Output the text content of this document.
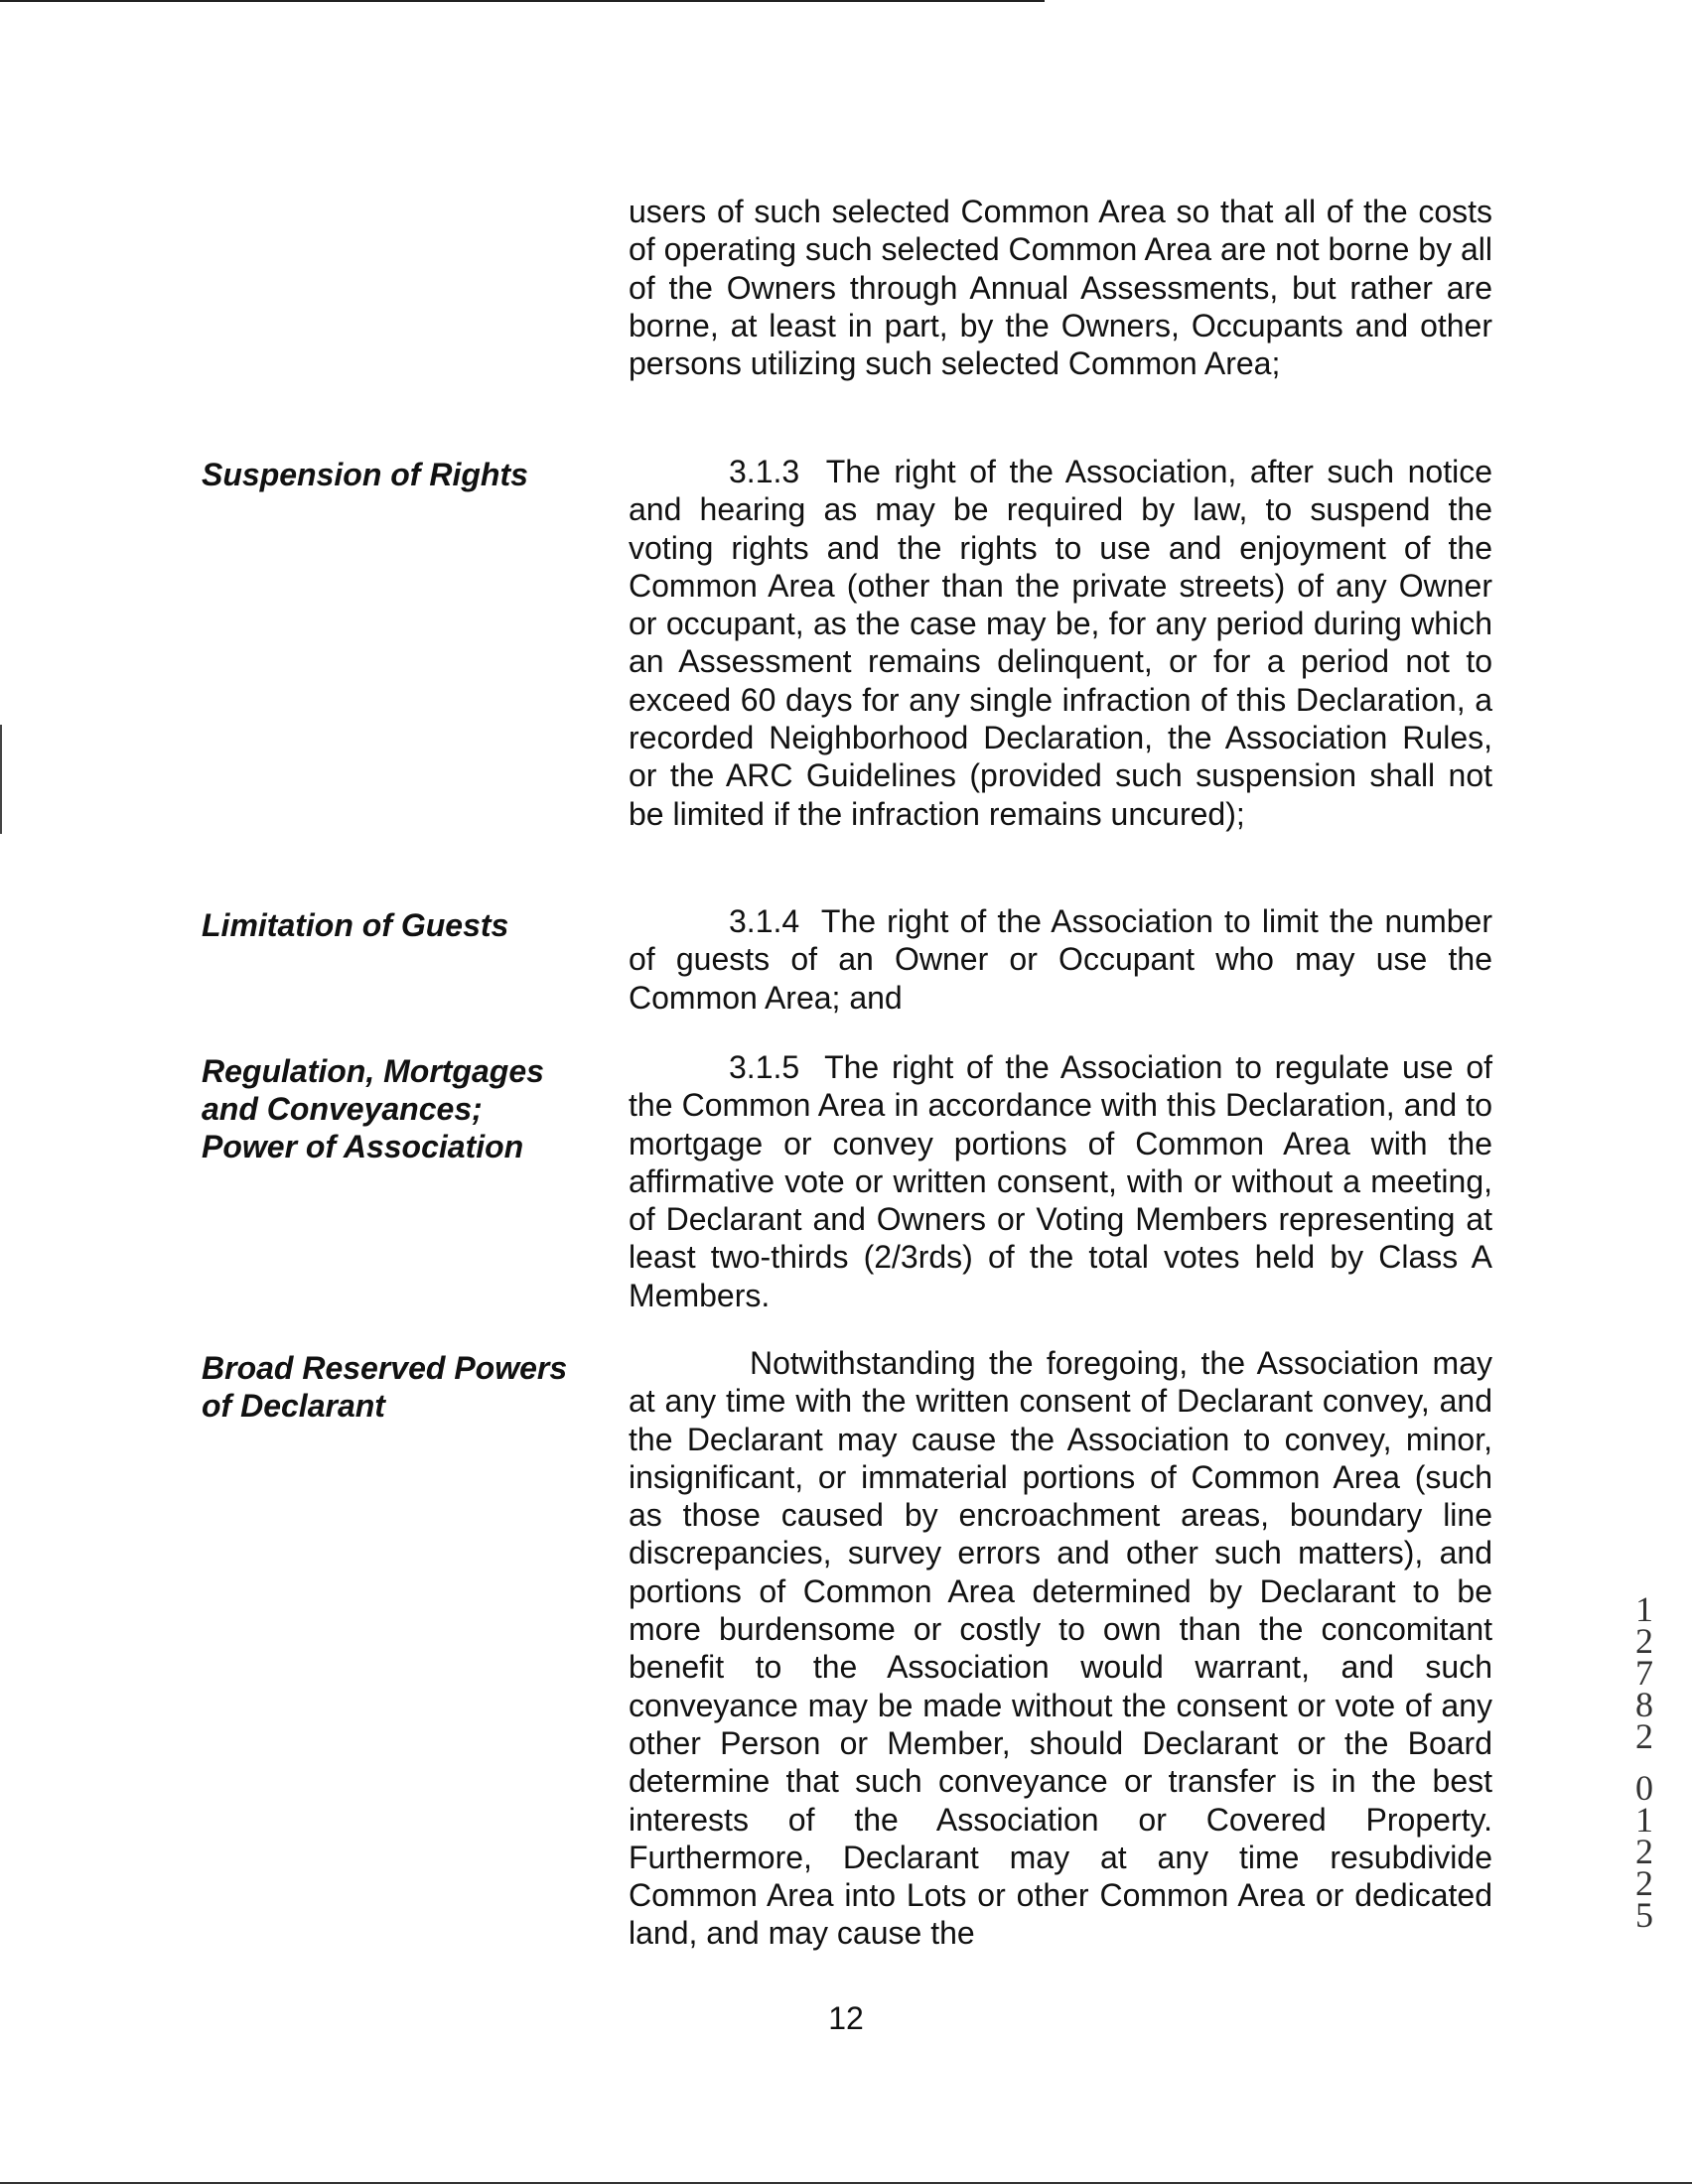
users of such selected Common Area so that all of the costs of operating such selected Common Area are not borne by all of the Owners through Annual Assessments, but rather are borne, at least in part, by the Owners, Occupants and other persons utilizing such selected Common Area;
Suspension of Rights	3.1.3 The right of the Association, after such notice and hearing as may be required by law, to suspend the voting rights and the rights to use and enjoyment of the Common Area (other than the private streets) of any Owner or occupant, as the case may be, for any period during which an Assessment remains delinquent, or for a period not to exceed 60 days for any single infraction of this Declaration, a recorded Neighborhood Declaration, the Association Rules, or the ARC Guidelines (provided such suspension shall not be limited if the infraction remains uncured);
Limitation of Guests	3.1.4 The right of the Association to limit the number of guests of an Owner or Occupant who may use the Common Area; and
Regulation, Mortgages
and Conveyances;
Power of Association
3.1.5 The right of the Association to regulate use of the Common Area in accordance with this Declaration, and to mortgage or convey portions of Common Area with the affirmative vote or written consent, with or without a meeting, of Declarant and Owners or Voting Members representing at least two-thirds (2/3rds) of the total votes held by Class A Members.
Broad Reserved Powers
of Declarant
Notwithstanding the foregoing, the Association may at any time with the written consent of Declarant convey, and the Declarant may cause the Association to convey, minor, insignificant, or immaterial portions of Common Area (such as those caused by encroachment areas, boundary line discrepancies, survey errors and other such matters), and portions of Common Area determined by Declarant to be more burdensome or costly to own than the concomitant benefit to the Association would warrant, and such conveyance may be made without the consent or vote of any other Person or Member, should Declarant or the Board determine that such conveyance or transfer is in the best interests of the Association or Covered Property. Furthermore, Declarant may at any time resubdivide Common Area into Lots or other Common Area or dedicated land, and may cause the
12
1
2
7
8
2
0
1
2
2
5
